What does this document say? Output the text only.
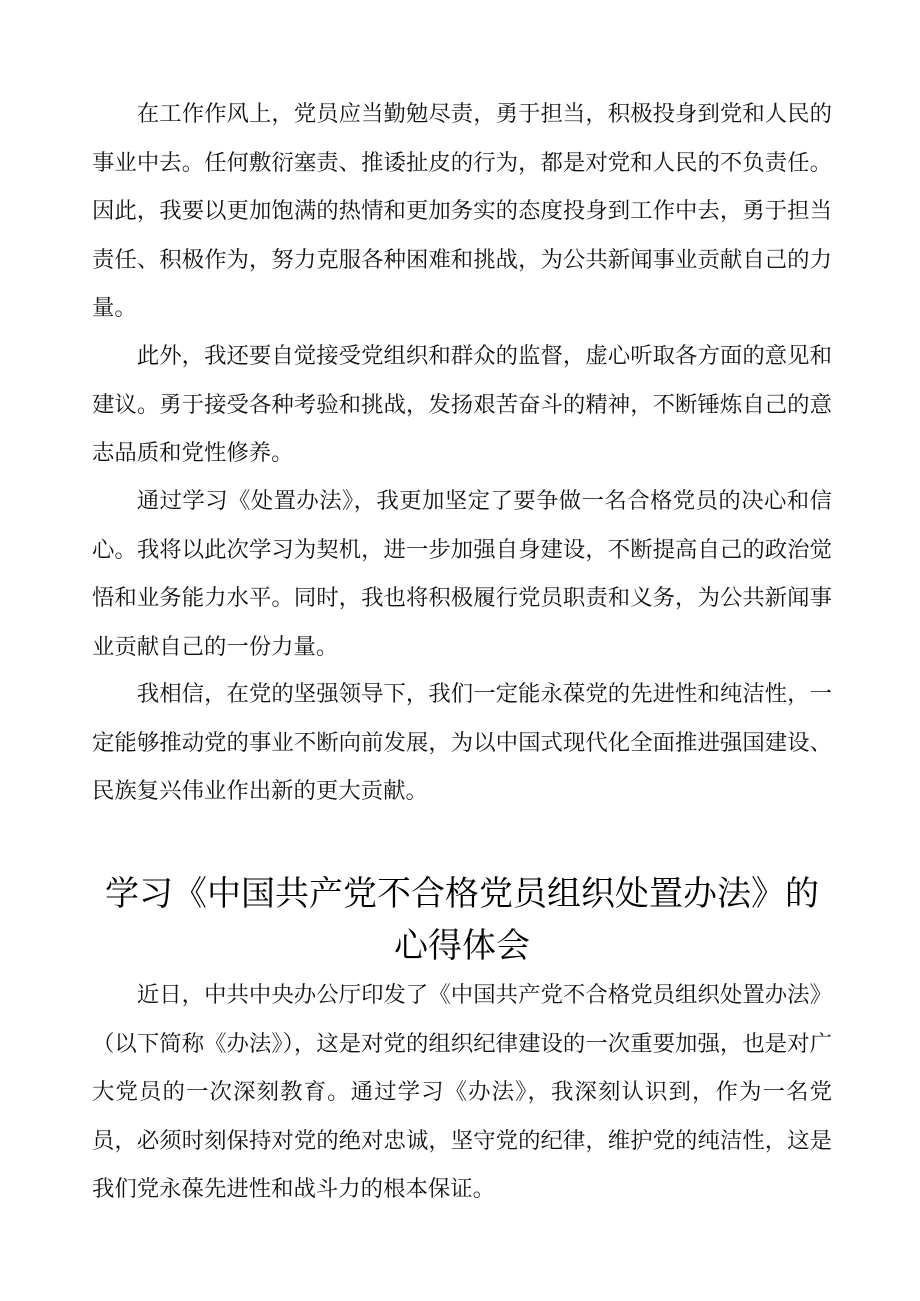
在工作作风上，党员应当勤勉尽责，勇于担当，积极投身到党和人民的事业中去。任何敷衍塞责、推诿扯皮的行为，都是对党和人民的不负责任。因此，我要以更加饱满的热情和更加务实的态度投身到工作中去，勇于担当责任、积极作为，努力克服各种困难和挑战，为公共新闻事业贡献自己的力量。

此外，我还要自觉接受党组织和群众的监督，虚心听取各方面的意见和建议。勇于接受各种考验和挑战，发扬艰苦奋斗的精神，不断锤炼自己的意志品质和党性修养。

通过学习《处置办法》，我更加坚定了要争做一名合格党员的决心和信心。我将以此次学习为契机，进一步加强自身建设，不断提高自己的政治觉悟和业务能力水平。同时，我也将积极履行党员职责和义务，为公共新闻事业贡献自己的一份力量。

我相信，在党的坚强领导下，我们一定能永葆党的先进性和纯洁性，一定能够推动党的事业不断向前发展，为以中国式现代化全面推进强国建设、民族复兴伟业作出新的更大贡献。

学习《中国共产党不合格党员组织处置办法》的
心得体会

近日，中共中央办公厅印发了《中国共产党不合格党员组织处置办法》（以下简称《办法》），这是对党的组织纪律建设的一次重要加强，也是对广大党员的一次深刻教育。通过学习《办法》，我深刻认识到，作为一名党员，必须时刻保持对党的绝对忠诚，坚守党的纪律，维护党的纯洁性，这是我们党永葆先进性和战斗力的根本保证。
